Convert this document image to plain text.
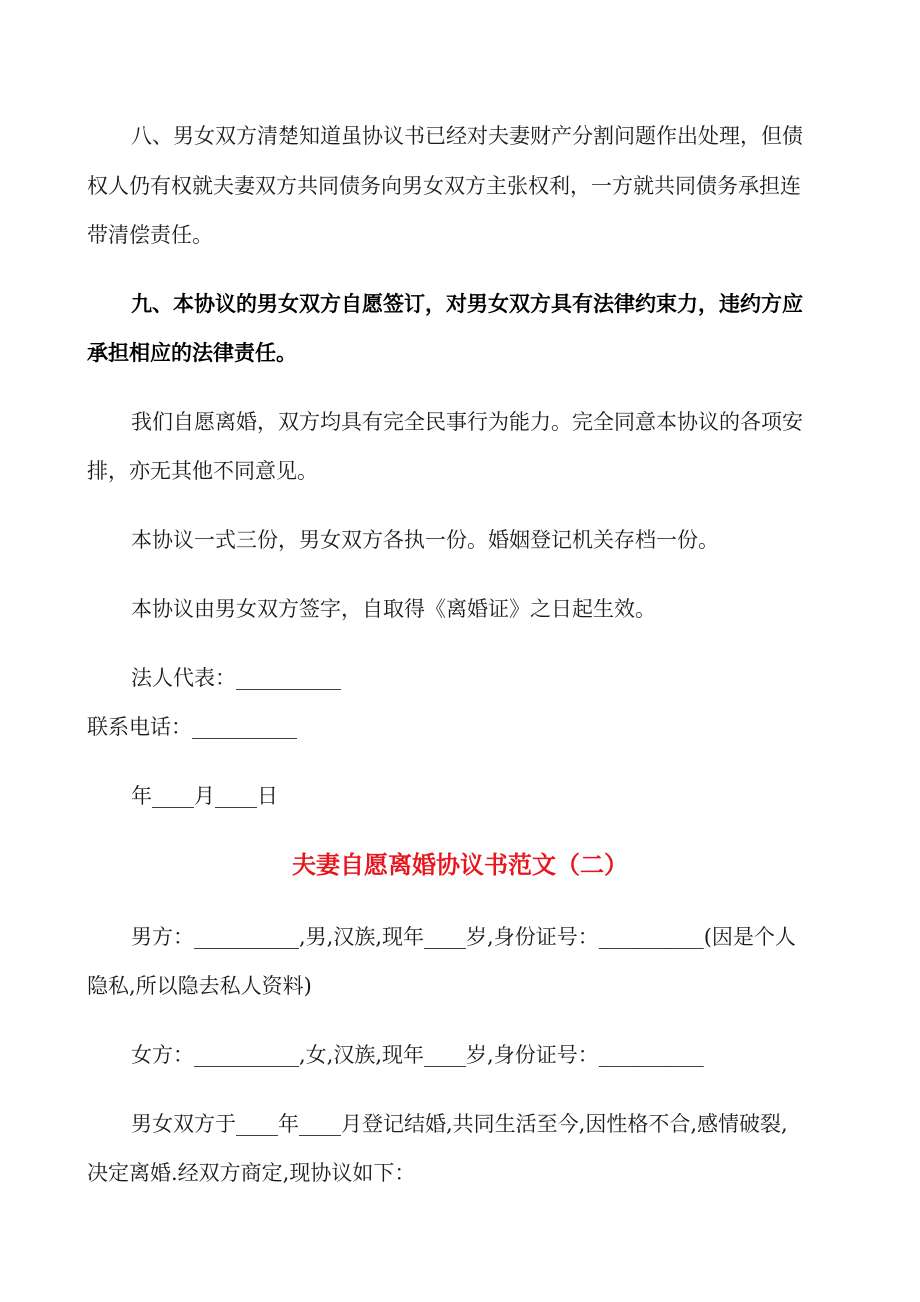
八、男女双方清楚知道虽协议书已经对夫妻财产分割问题作出处理，但债
权人仍有权就夫妻双方共同债务向男女双方主张权利，一方就共同债务承担连
带清偿责任。
九、本协议的男女双方自愿签订，对男女双方具有法律约束力，违约方应
承担相应的法律责任。
我们自愿离婚，双方均具有完全民事行为能力。完全同意本协议的各项安
排，亦无其他不同意见。
本协议一式三份，男女双方各执一份。婚姻登记机关存档一份。
本协议由男女双方签字，自取得《离婚证》之日起生效。
法人代表：__________
联系电话：__________
年____月____日
夫妻自愿离婚协议书范文（二）
男方：__________,男,汉族,现年____岁,身份证号：__________(因是个人
隐私,所以隐去私人资料)
女方：__________,女,汉族,现年____岁,身份证号：__________
男女双方于____年____月登记结婚,共同生活至今,因性格不合,感情破裂,
决定离婚.经双方商定,现协议如下：
